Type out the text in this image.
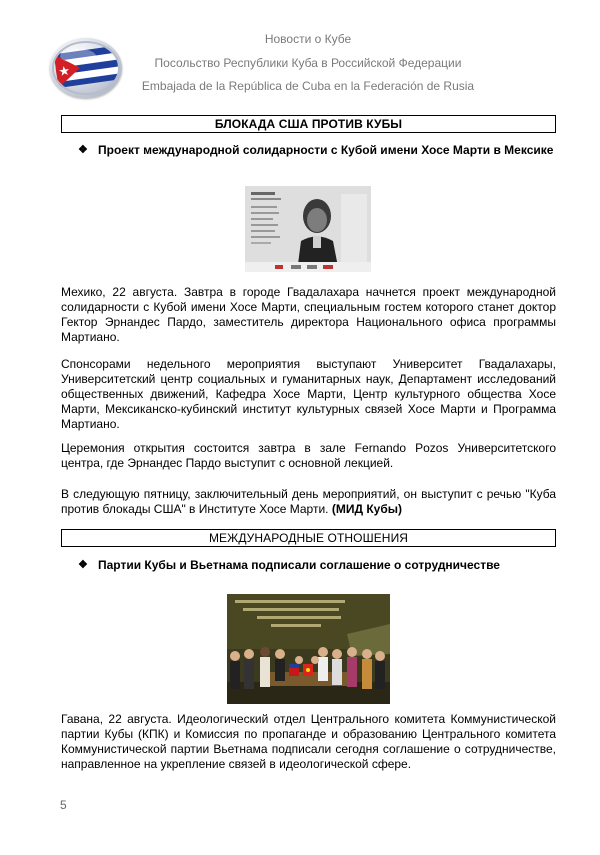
Новости о Кубе
Посольство Республики Куба в Российской Федерации
Embajada de la República de Cuba en la Federación de Rusia
БЛОКАДА США ПРОТИВ КУБЫ
❖ Проект международной солидарности с Кубой имени Хосе Марти в Мексике
Мехико, 22 августа. Завтра в городе Гвадалахара начнется проект международной солидарности с Кубой имени Хосе Марти, специальным гостем которого станет доктор Гектор Эрнандес Пардо, заместитель директора Национального офиса программы Мартиано.
Спонсорами недельного мероприятия выступают Университет Гвадалахары, Университетский центр социальных и гуманитарных наук, Департамент исследований общественных движений, Кафедра Хосе Марти, Центр культурного общества Хосе Марти, Мексиканско-кубинский институт культурных связей Хосе Марти и Программа Мартиано.
Церемония открытия состоится завтра в зале Fernando Pozos Университетского центра, где Эрнандес Пардо выступит с основной лекцией.
В следующую пятницу, заключительный день мероприятий, он выступит с речью "Куба против блокады США" в Институте Хосе Марти. (МИД Кубы)
МЕЖДУНАРОДНЫЕ ОТНОШЕНИЯ
❖ Партии Кубы и Вьетнама подписали соглашение о сотрудничестве
Гавана, 22 августа. Идеологический отдел Центрального комитета Коммунистической партии Кубы (КПК) и Комиссия по пропаганде и образованию Центрального комитета Коммунистической партии Вьетнама подписали сегодня соглашение о сотрудничестве, направленное на укрепление связей в идеологической сфере.
5
